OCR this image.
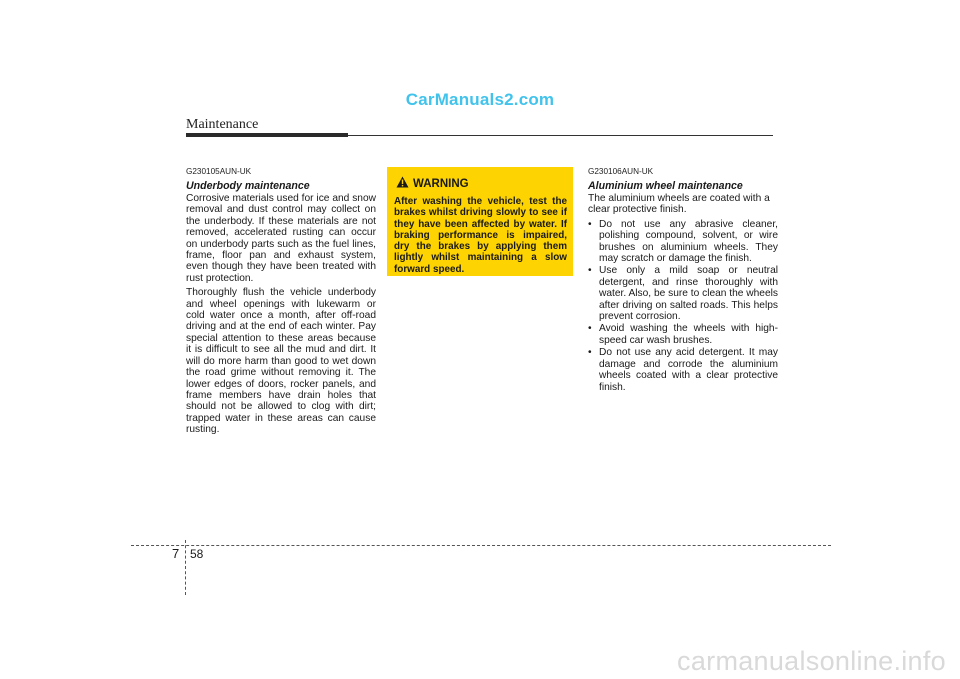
CarManuals2.com
Maintenance
G230105AUN-UK
Underbody maintenance

Corrosive materials used for ice and snow removal and dust control may collect on the underbody. If these materials are not removed, accelerated rusting can occur on underbody parts such as the fuel lines, frame, floor pan and exhaust system, even though they have been treated with rust protection.

Thoroughly flush the vehicle underbody and wheel openings with lukewarm or cold water once a month, after off-road driving and at the end of each winter. Pay special attention to these areas because it is difficult to see all the mud and dirt. It will do more harm than good to wet down the road grime without removing it. The lower edges of doors, rocker panels, and frame members have drain holes that should not be allowed to clog with dirt; trapped water in these areas can cause rusting.

WARNING
After washing the vehicle, test the brakes whilst driving slowly to see if they have been affected by water. If braking performance is impaired, dry the brakes by applying them lightly whilst maintaining a slow forward speed.
G230106AUN-UK
Aluminium wheel maintenance

The aluminium wheels are coated with a clear protective finish.

• Do not use any abrasive cleaner, polishing compound, solvent, or wire brushes on aluminium wheels. They may scratch or damage the finish.
• Use only a mild soap or neutral detergent, and rinse thoroughly with water. Also, be sure to clean the wheels after driving on salted roads. This helps prevent corrosion.
• Avoid washing the wheels with high-speed car wash brushes.
• Do not use any acid detergent. It may damage and corrode the aluminium wheels coated with a clear protective finish.
7 58
carmanualsonline.info
